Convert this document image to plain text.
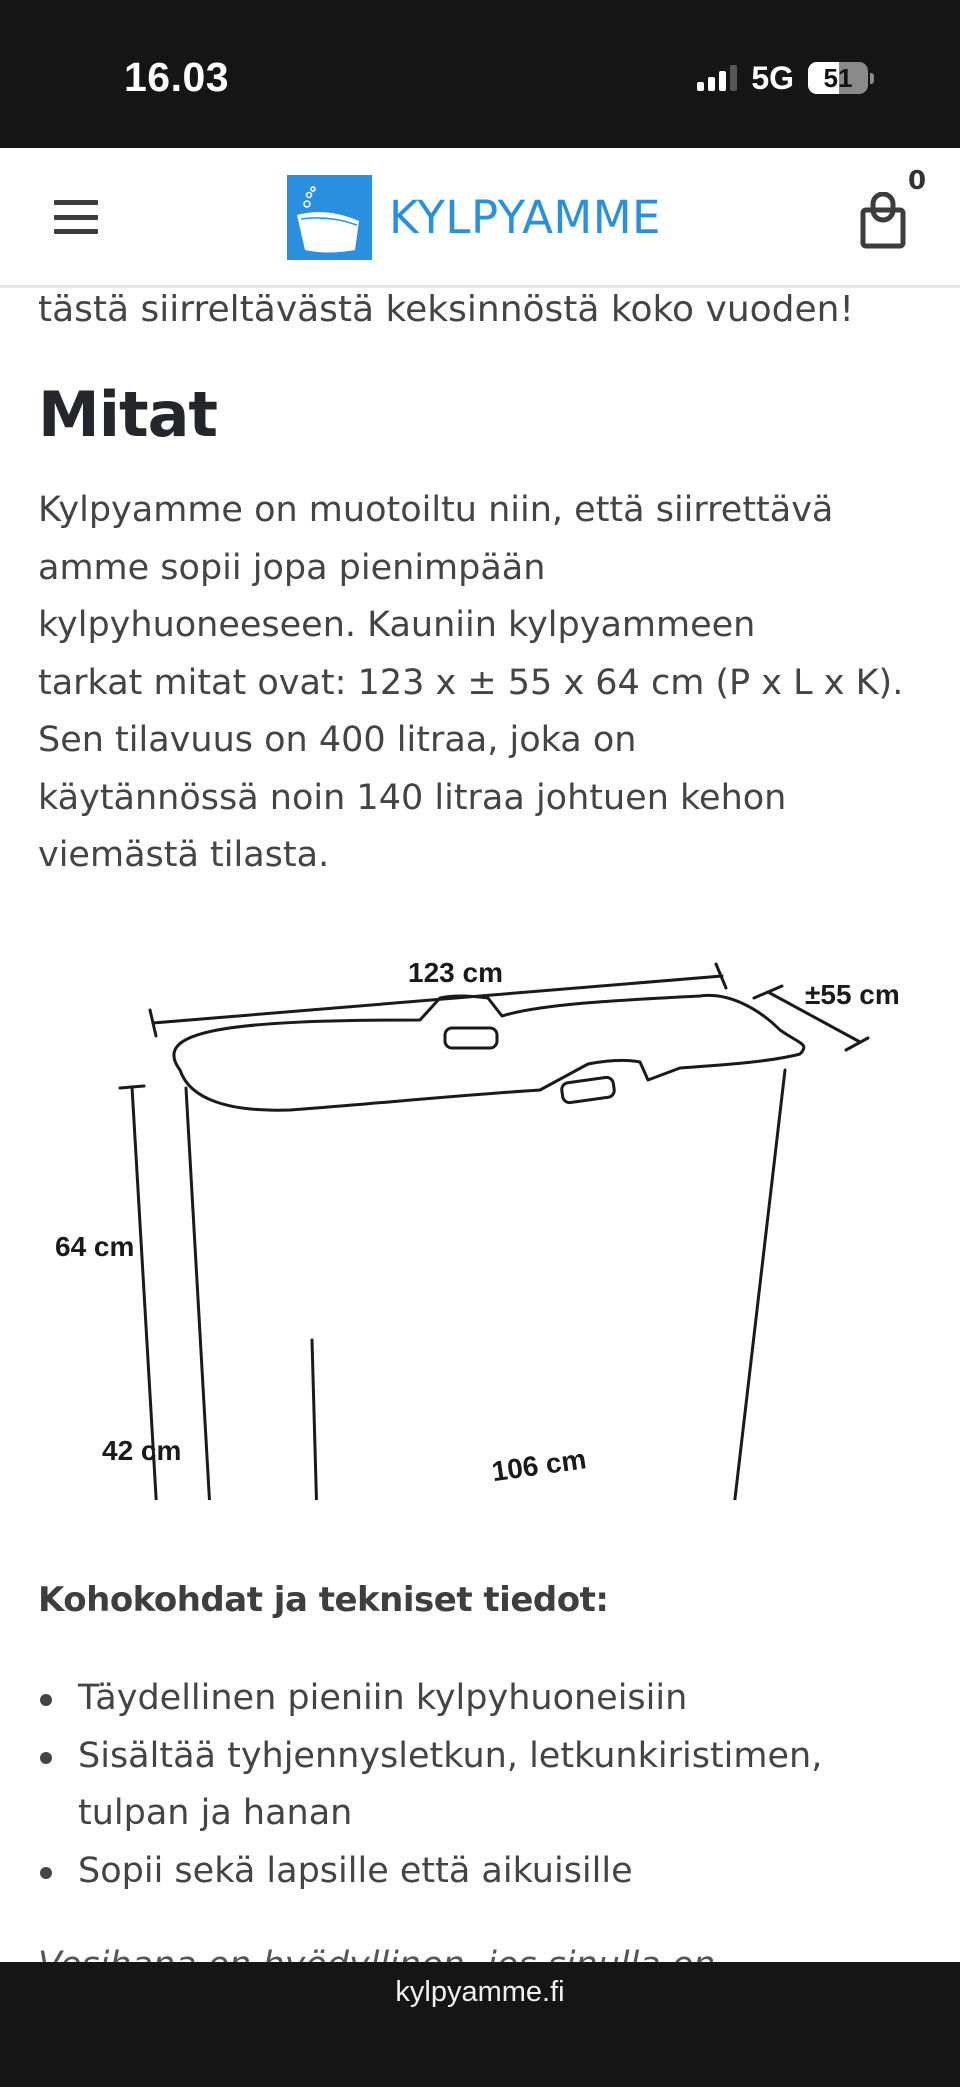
16.03	5G 51
KYLPYAMME
0
tästä siirreltävästä keksinnöstä koko vuoden!
Mitat
Kylpyamme on muotoiltu niin, että siirrettävä
amme sopii jopa pienimpään
kylpyhuoneeseen. Kauniin kylpyammeen
tarkat mitat ovat: 123 x ± 55 x 64 cm (P x L x K).
Sen tilavuus on 400 litraa, joka on
käytännössä noin 140 litraa johtuen kehon
viemästä tilasta.
123 cm
±55 cm
64 cm
42 cm	106 cm
Kohokohdat ja tekniset tiedot:
Täydellinen pieniin kylpyhuoneisiin
Sisältää tyhjennysletkun, letkunkiristimen,
tulpan ja hanan
Sopii sekä lapsille että aikuisille
kylpyamme.fi
